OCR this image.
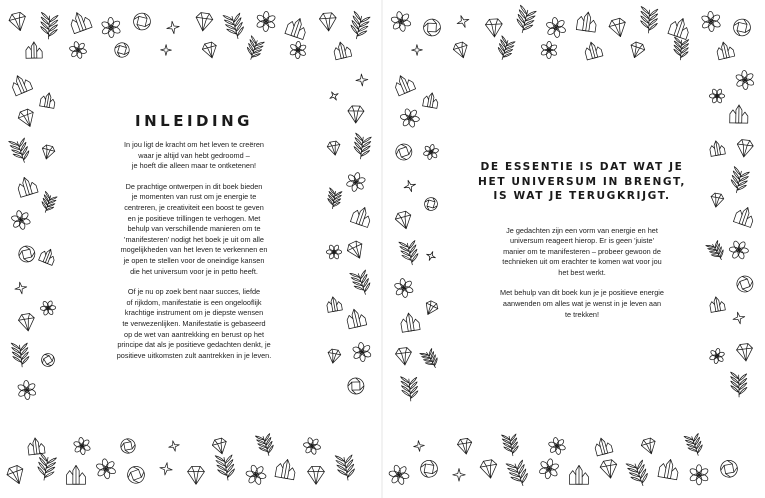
INLEIDING

In jou ligt de kracht om het leven te creëren
waar je altijd van hebt gedroomd –
je hoeft die alleen maar te ontketenen!

De prachtige ontwerpen in dit boek bieden
je momenten van rust om je energie te
centreren, je creativiteit een boost te geven
en je positieve trillingen te verhogen. Met
behulp van verschillende manieren om te
'manifesteren' nodigt het boek je uit om alle
mogelijkheden van het leven te verkennen en
je open te stellen voor de oneindige kansen
die het universum voor je in petto heeft.

Of je nu op zoek bent naar succes, liefde
of rijkdom, manifestatie is een ongelooflijk
krachtige instrument om je diepste wensen
te verwezenlijken. Manifestatie is gebaseerd
op de wet van aantrekking en berust op het
principe dat als je positieve gedachten denkt, je
positieve uitkomsten zult aantrekken in je leven.

DE ESSENTIE IS DAT WAT JE
HET UNIVERSUM IN BRENGT,
IS WAT JE TERUGKRIJGT.

Je gedachten zijn een vorm van energie en het
universum reageert hierop. Er is geen 'juiste'
manier om te manifesteren – probeer gewoon de
technieken uit om erachter te komen wat voor jou
het best werkt.

Met behulp van dit boek kun je je positieve energie
aanwenden om alles wat je wenst in je leven aan
te trekken!
